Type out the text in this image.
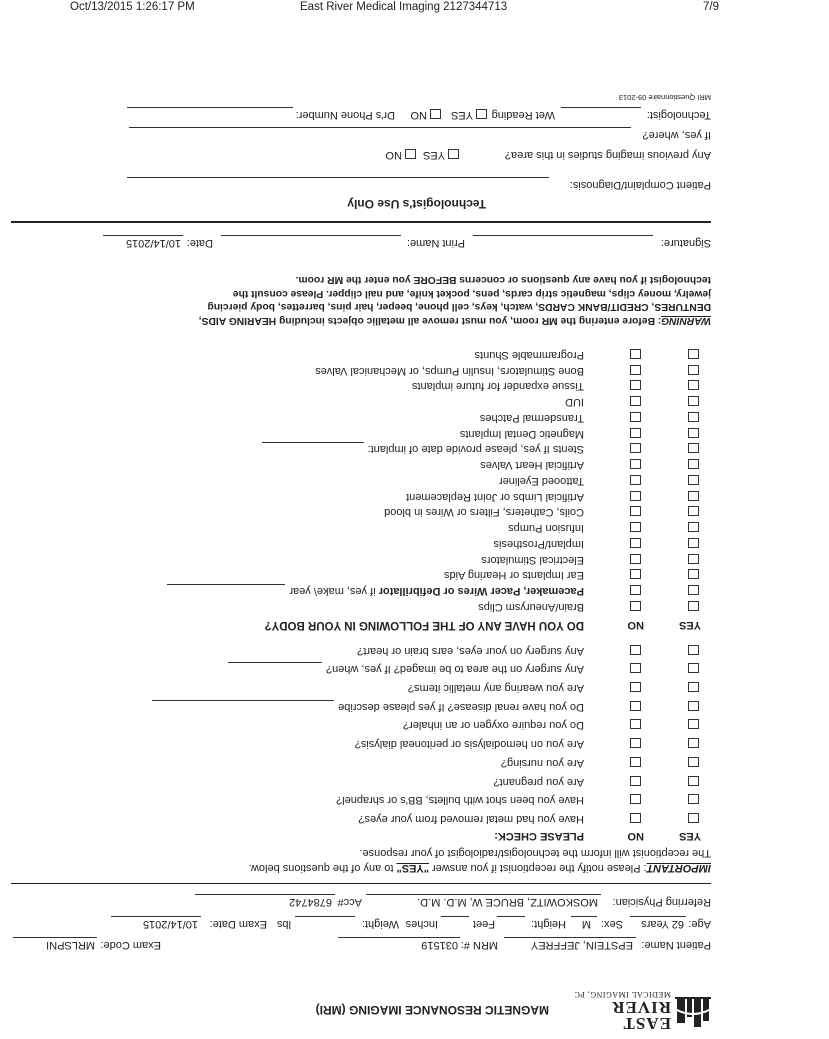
Oct/13/2015 1:26:17 PM	East River Medical Imaging 2127344713	7/9
EAST
RIVER
MEDICAL IMAGING, PC
MAGNETIC RESONANCE IMAGING (MRI)
Patient Name:
EPSTEIN, JEFFREY
MRN #:
031519
Exam Code:
MRLSPNI
Age:
62 Years
Sex:
M
Height:
Feet
Inches
Weight:
lbs
Exam Date:
10/14/2015
Referring Physician:
MOSKOWITZ, BRUCE W, M.D. M.D.
Acc#
6784742
IMPORTANT: Please notify the receptionist if you answer "YES" to any of the questions below.
The receptionist will inform the technologist/radiologist of your response.
YES
NO
PLEASE CHECK:
Have you had metal removed from your eyes?
Have you been shot with bullets, BB's or shrapnel?
Are you pregnant?
Are you nursing?
Are you on hemodialysis or peritoneal dialysis?
Do you require oxygen or an inhaler?
Do you have renal disease? If yes please describe
Are you wearing any metallic items?
Any surgery on the area to be imaged? If yes, when?
Any surgery on your eyes, ears brain or heart?
YES
NO
DO YOU HAVE ANY OF THE FOLLOWING IN YOUR BODY?
Brain/Aneurysm Clips
Pacemaker, Pacer Wires or Defibrillator if yes, make\ year
Ear Implants or Hearing Aids
Electrical Stimulators
Implant/Prosthesis
Infusion Pumps
Coils, Catheters, Filters or Wires in blood
Artificial Limbs or Joint Replacement
Tattooed Eyeliner
Artificial Heart Valves
Stents If yes, please provide date of implant:
Magnetic Dental Implants
Transdermal Patches
IUD
Tissue expander for future implants
Bone Stimulators, Insulin Pumps, or Mechanical Valves
Programmable Shunts
WARNING: Before entering the MR room, you must remove all metallic objects including HEARING AIDS,
DENTURES, CREDIT/BANK CARDS, watch, keys, cell phone, beeper, hair pins, barrettes, body piercing
jewelry, money clips, magnetic strip cards, pens, pocket knife, and nail clipper. Please consult the
technologist if you have any questions or concerns BEFORE you enter the MR room.
Signature:
Print Name:
Date:
10/14/2015
Technologist's Use Only
Patient Complaint/Diagnosis:
Any previous imaging studies in this area?
YES
NO
If yes, where?
Technologist:
Wet Reading
YES
NO
Dr's Phone Number:
MRI Questionnaire 09-2013
